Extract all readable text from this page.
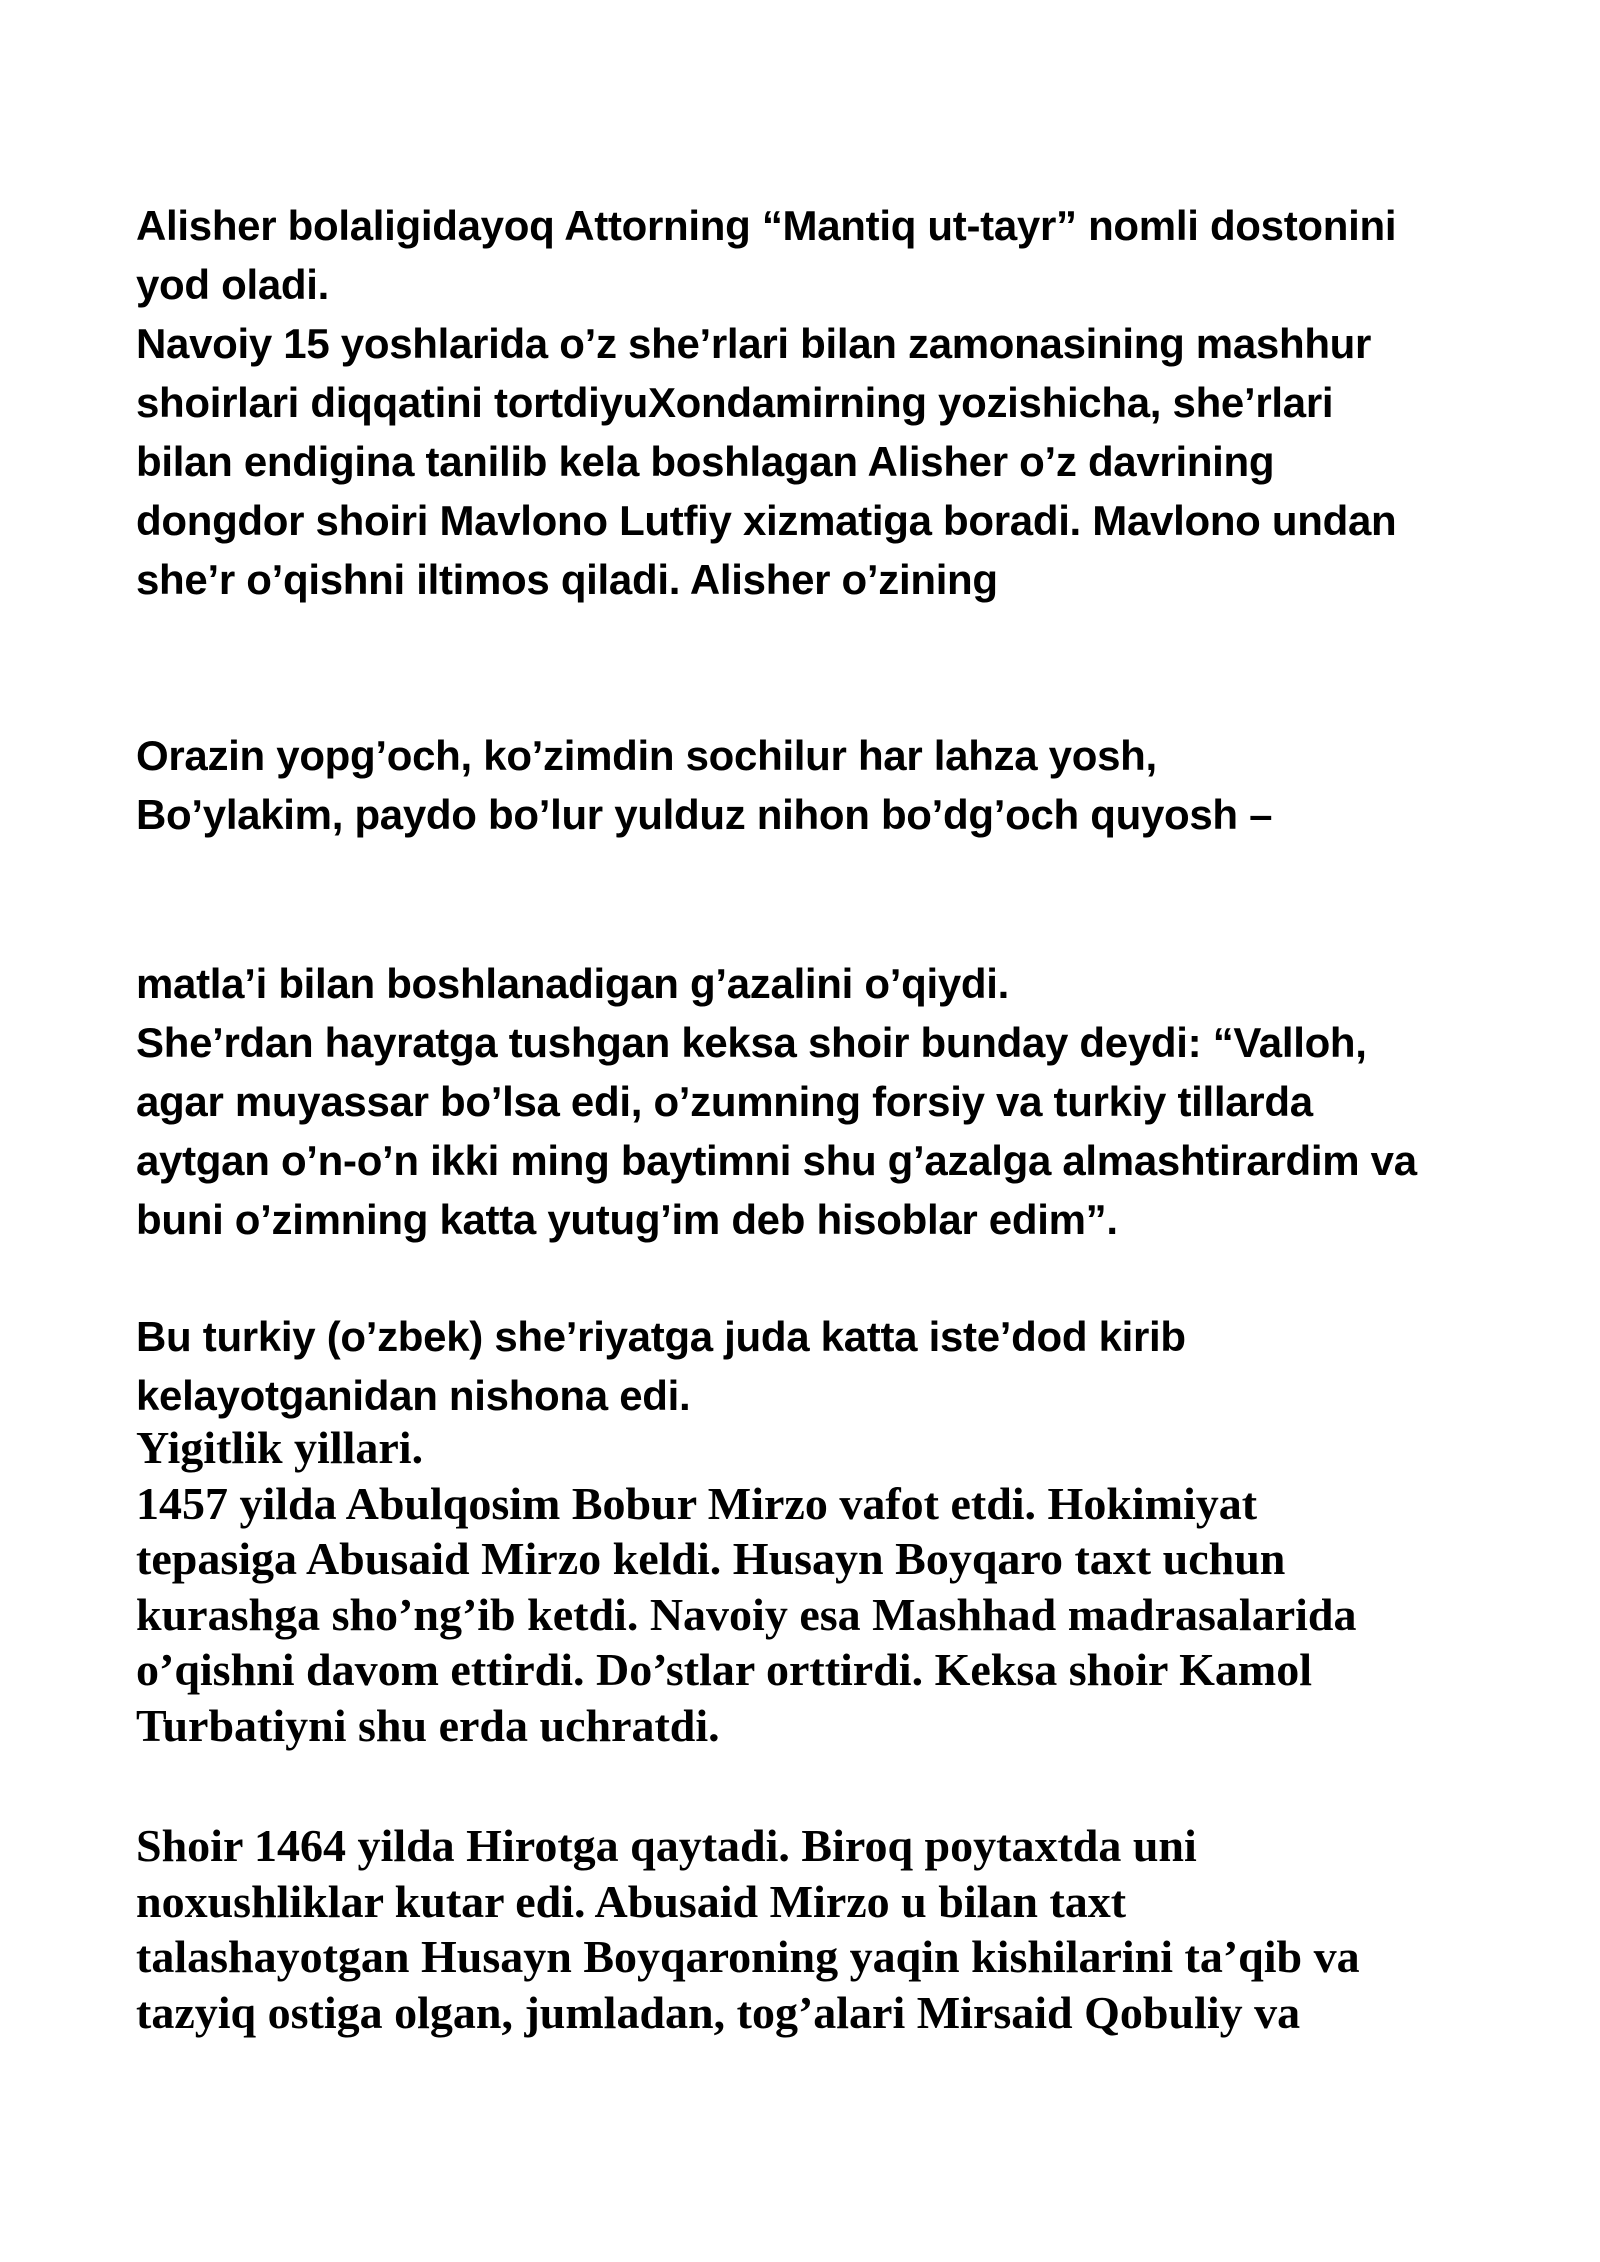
Alisher bolaligidayoq Attorning “Mantiq ut-tayr” nomli dostonini
yod oladi.
Navoiy 15 yoshlarida o’z she’rlari bilan zamonasining mashhur
shoirlari diqqatini tortdiyuXondamirning yozishicha, she’rlari
bilan endigina tanilib kela boshlagan Alisher o’z davrining
dongdor shoiri Mavlono Lutfiy xizmatiga boradi. Mavlono undan
she’r o’qishni iltimos qiladi. Alisher o’zining
Orazin yopg’och, ko’zimdin sochilur har lahza yosh,
Bo’ylakim, paydo bo’lur yulduz nihon bo’dg’och quyosh –
matla’i bilan boshlanadigan g’azalini o’qiydi.
She’rdan hayratga tushgan keksa shoir bunday deydi: “Valloh,
agar muyassar bo’lsa edi, o’zumning forsiy va turkiy tillarda
aytgan o’n-o’n ikki ming baytimni shu g’azalga almashtirardim va
buni o’zimning katta yutug’im deb hisoblar edim”.
Bu turkiy (o’zbek) she’riyatga juda katta iste’dod kirib
kelayotganidan nishona edi.
Yigitlik yillari.
1457 yilda Abulqosim Bobur Mirzo vafot etdi. Hokimiyat
tepasiga Abusaid Mirzo keldi. Husayn Boyqaro taxt uchun
kurashga sho’ng’ib ketdi. Navoiy esa Mashhad madrasalarida
o’qishni davom ettirdi. Do’stlar orttirdi. Keksa shoir Kamol
Turbatiyni shu erda uchratdi.
Shoir 1464 yilda Hirotga qaytadi. Biroq poytaxtda uni
noxushliklar kutar edi. Abusaid Mirzo u bilan taxt
talashayotgan Husayn Boyqaroning yaqin kishilarini ta’qib va
tazyiq ostiga olgan, jumladan, tog’alari Mirsaid Qobuliy va
